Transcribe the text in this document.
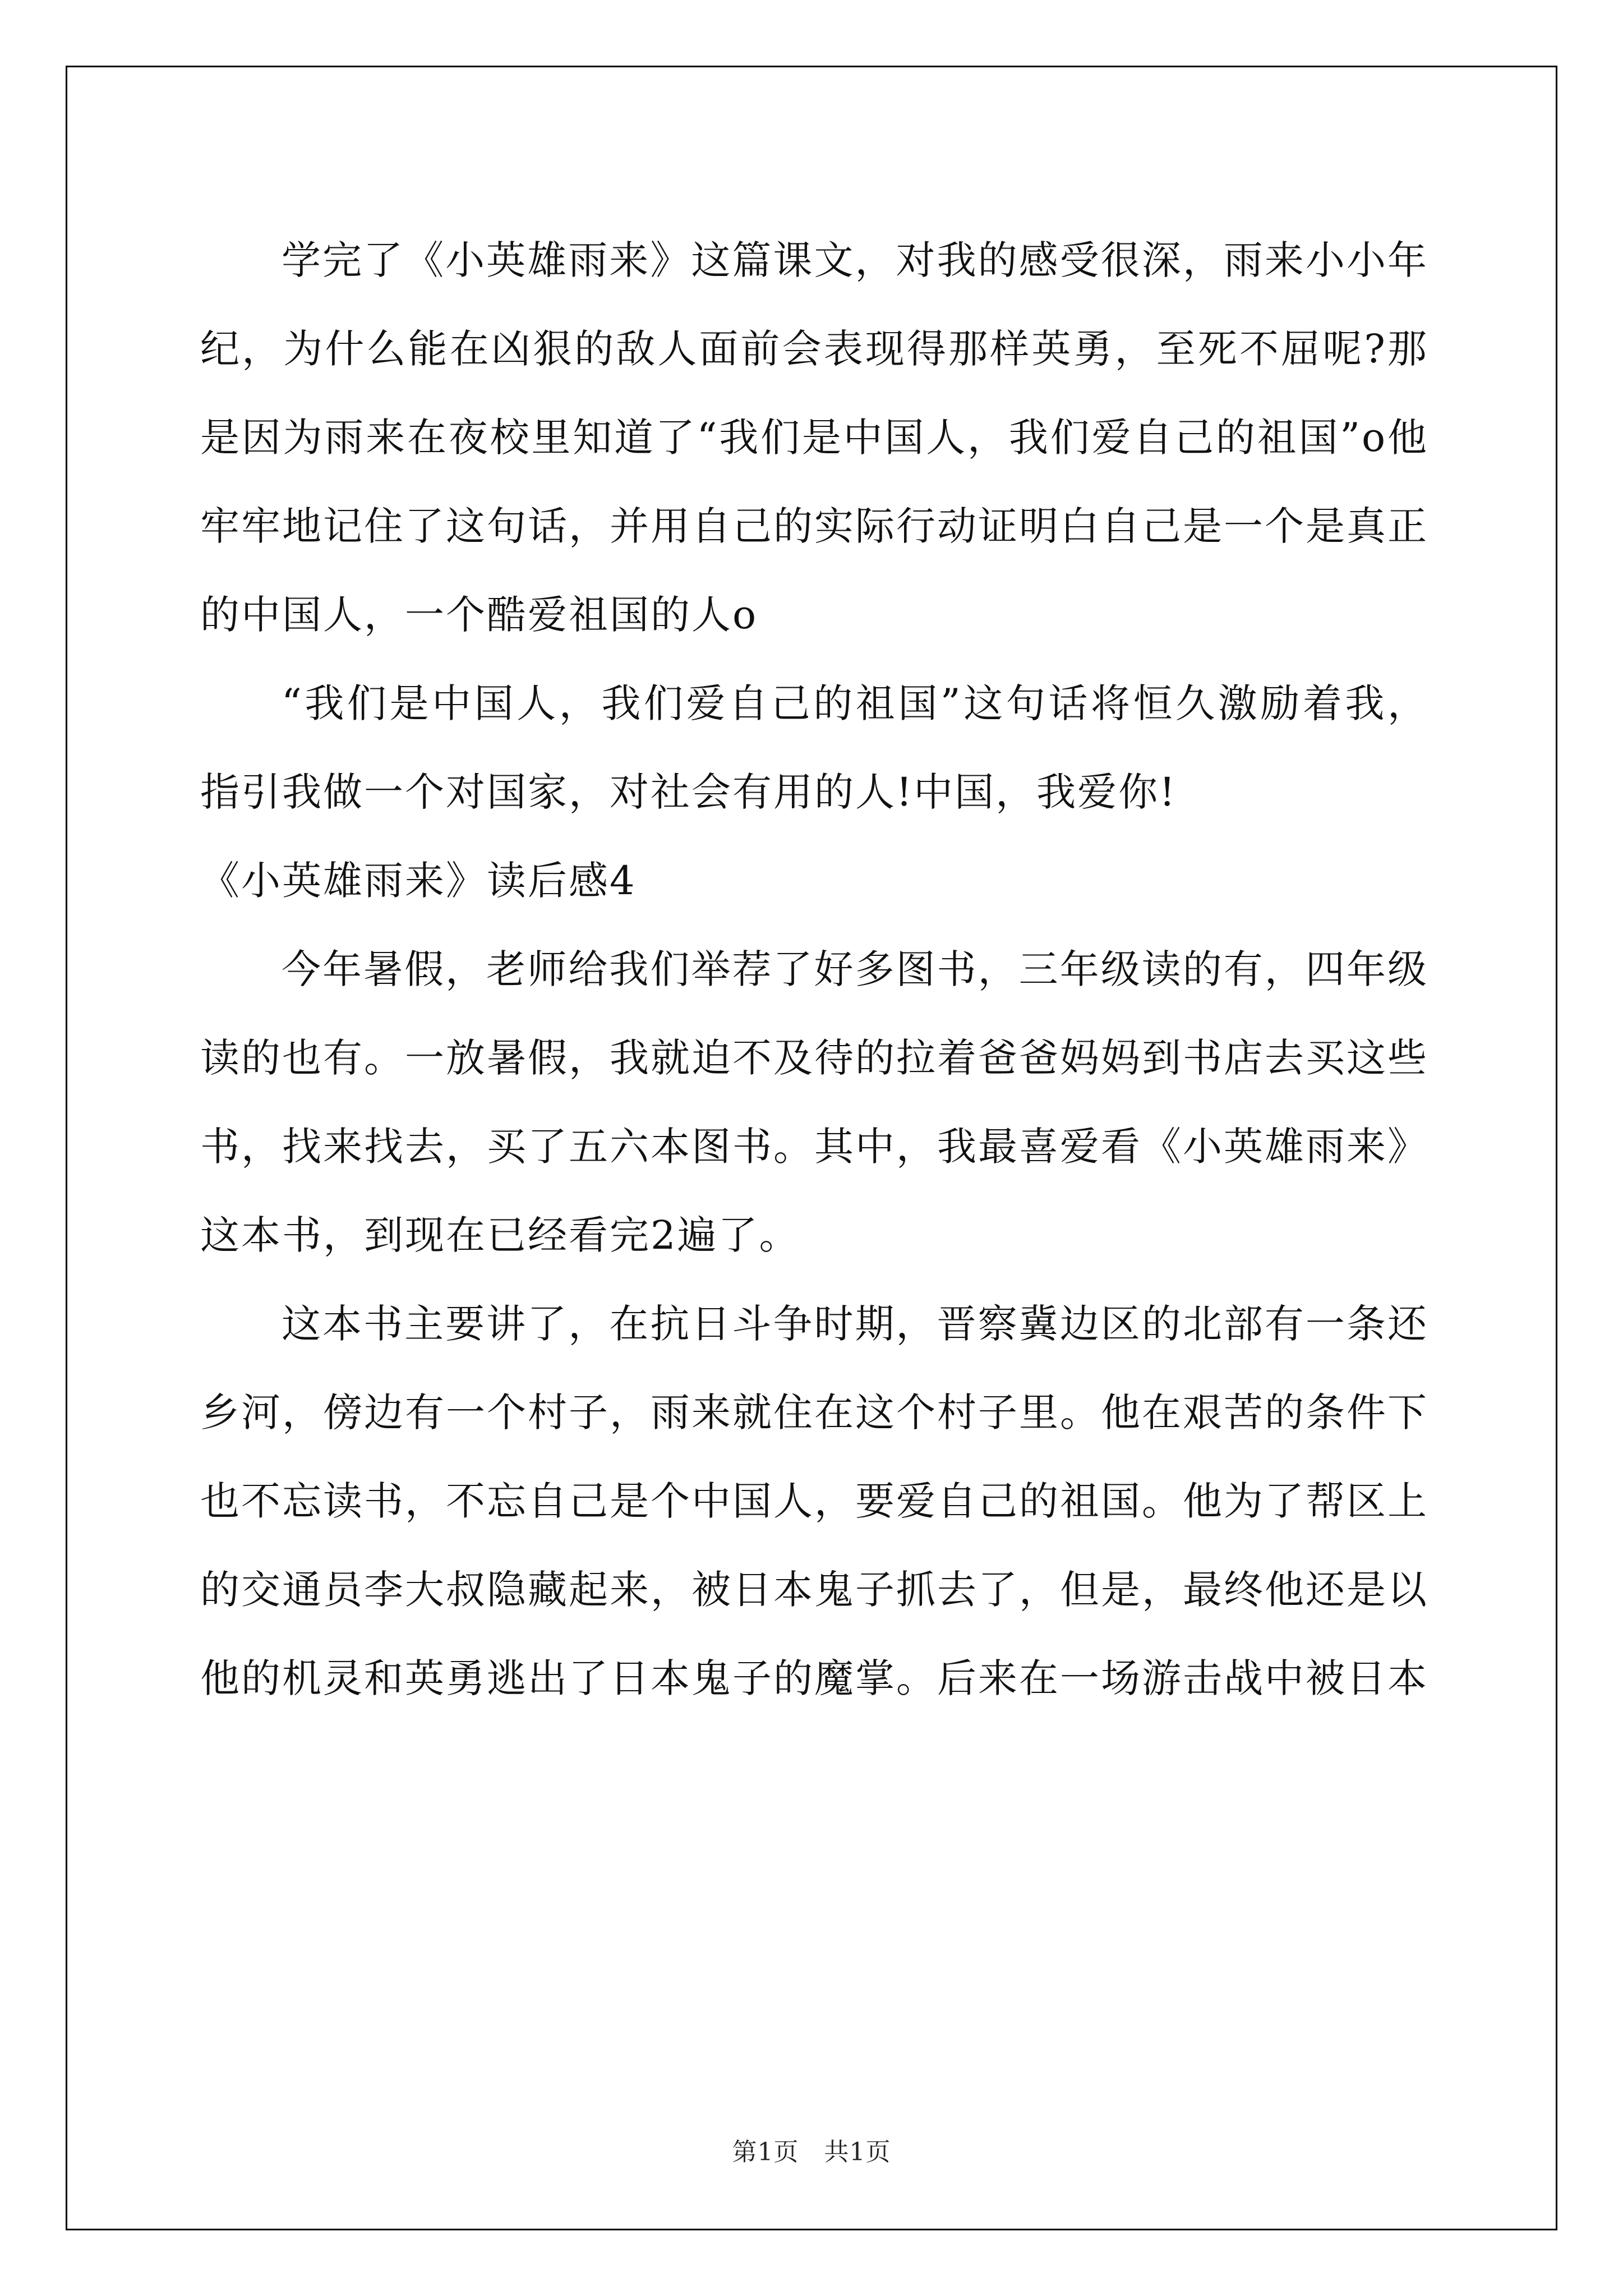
学完了《小英雄雨来》这篇课文，对我的感受很深，雨来小小年纪，为什么能在凶狠的敌人面前会表现得那样英勇，至死不屈呢?那是因为雨来在夜校里知道了“我们是中国人，我们爱自己的祖国”o他牢牢地记住了这句话，并用自己的实际行动证明白自己是一个是真正的中国人，一个酷爱祖国的人o

“我们是中国人，我们爱自己的祖国”这句话将恒久激励着我，指引我做一个对国家，对社会有用的人!中国，我爱你!

《小英雄雨来》读后感4

今年暑假，老师给我们举荐了好多图书，三年级读的有，四年级读的也有。一放暑假，我就迫不及待的拉着爸爸妈妈到书店去买这些书，找来找去，买了五六本图书。其中，我最喜爱看《小英雄雨来》这本书，到现在已经看完2遍了。

这本书主要讲了，在抗日斗争时期，晋察冀边区的北部有一条还乡河，傍边有一个村子，雨来就住在这个村子里。他在艰苦的条件下也不忘读书，不忘自己是个中国人，要爱自己的祖国。他为了帮区上的交通员李大叔隐藏起来，被日本鬼子抓去了，但是，最终他还是以他的机灵和英勇逃出了日本鬼子的魔掌。后来在一场游击战中被日本

第1页　共1页
